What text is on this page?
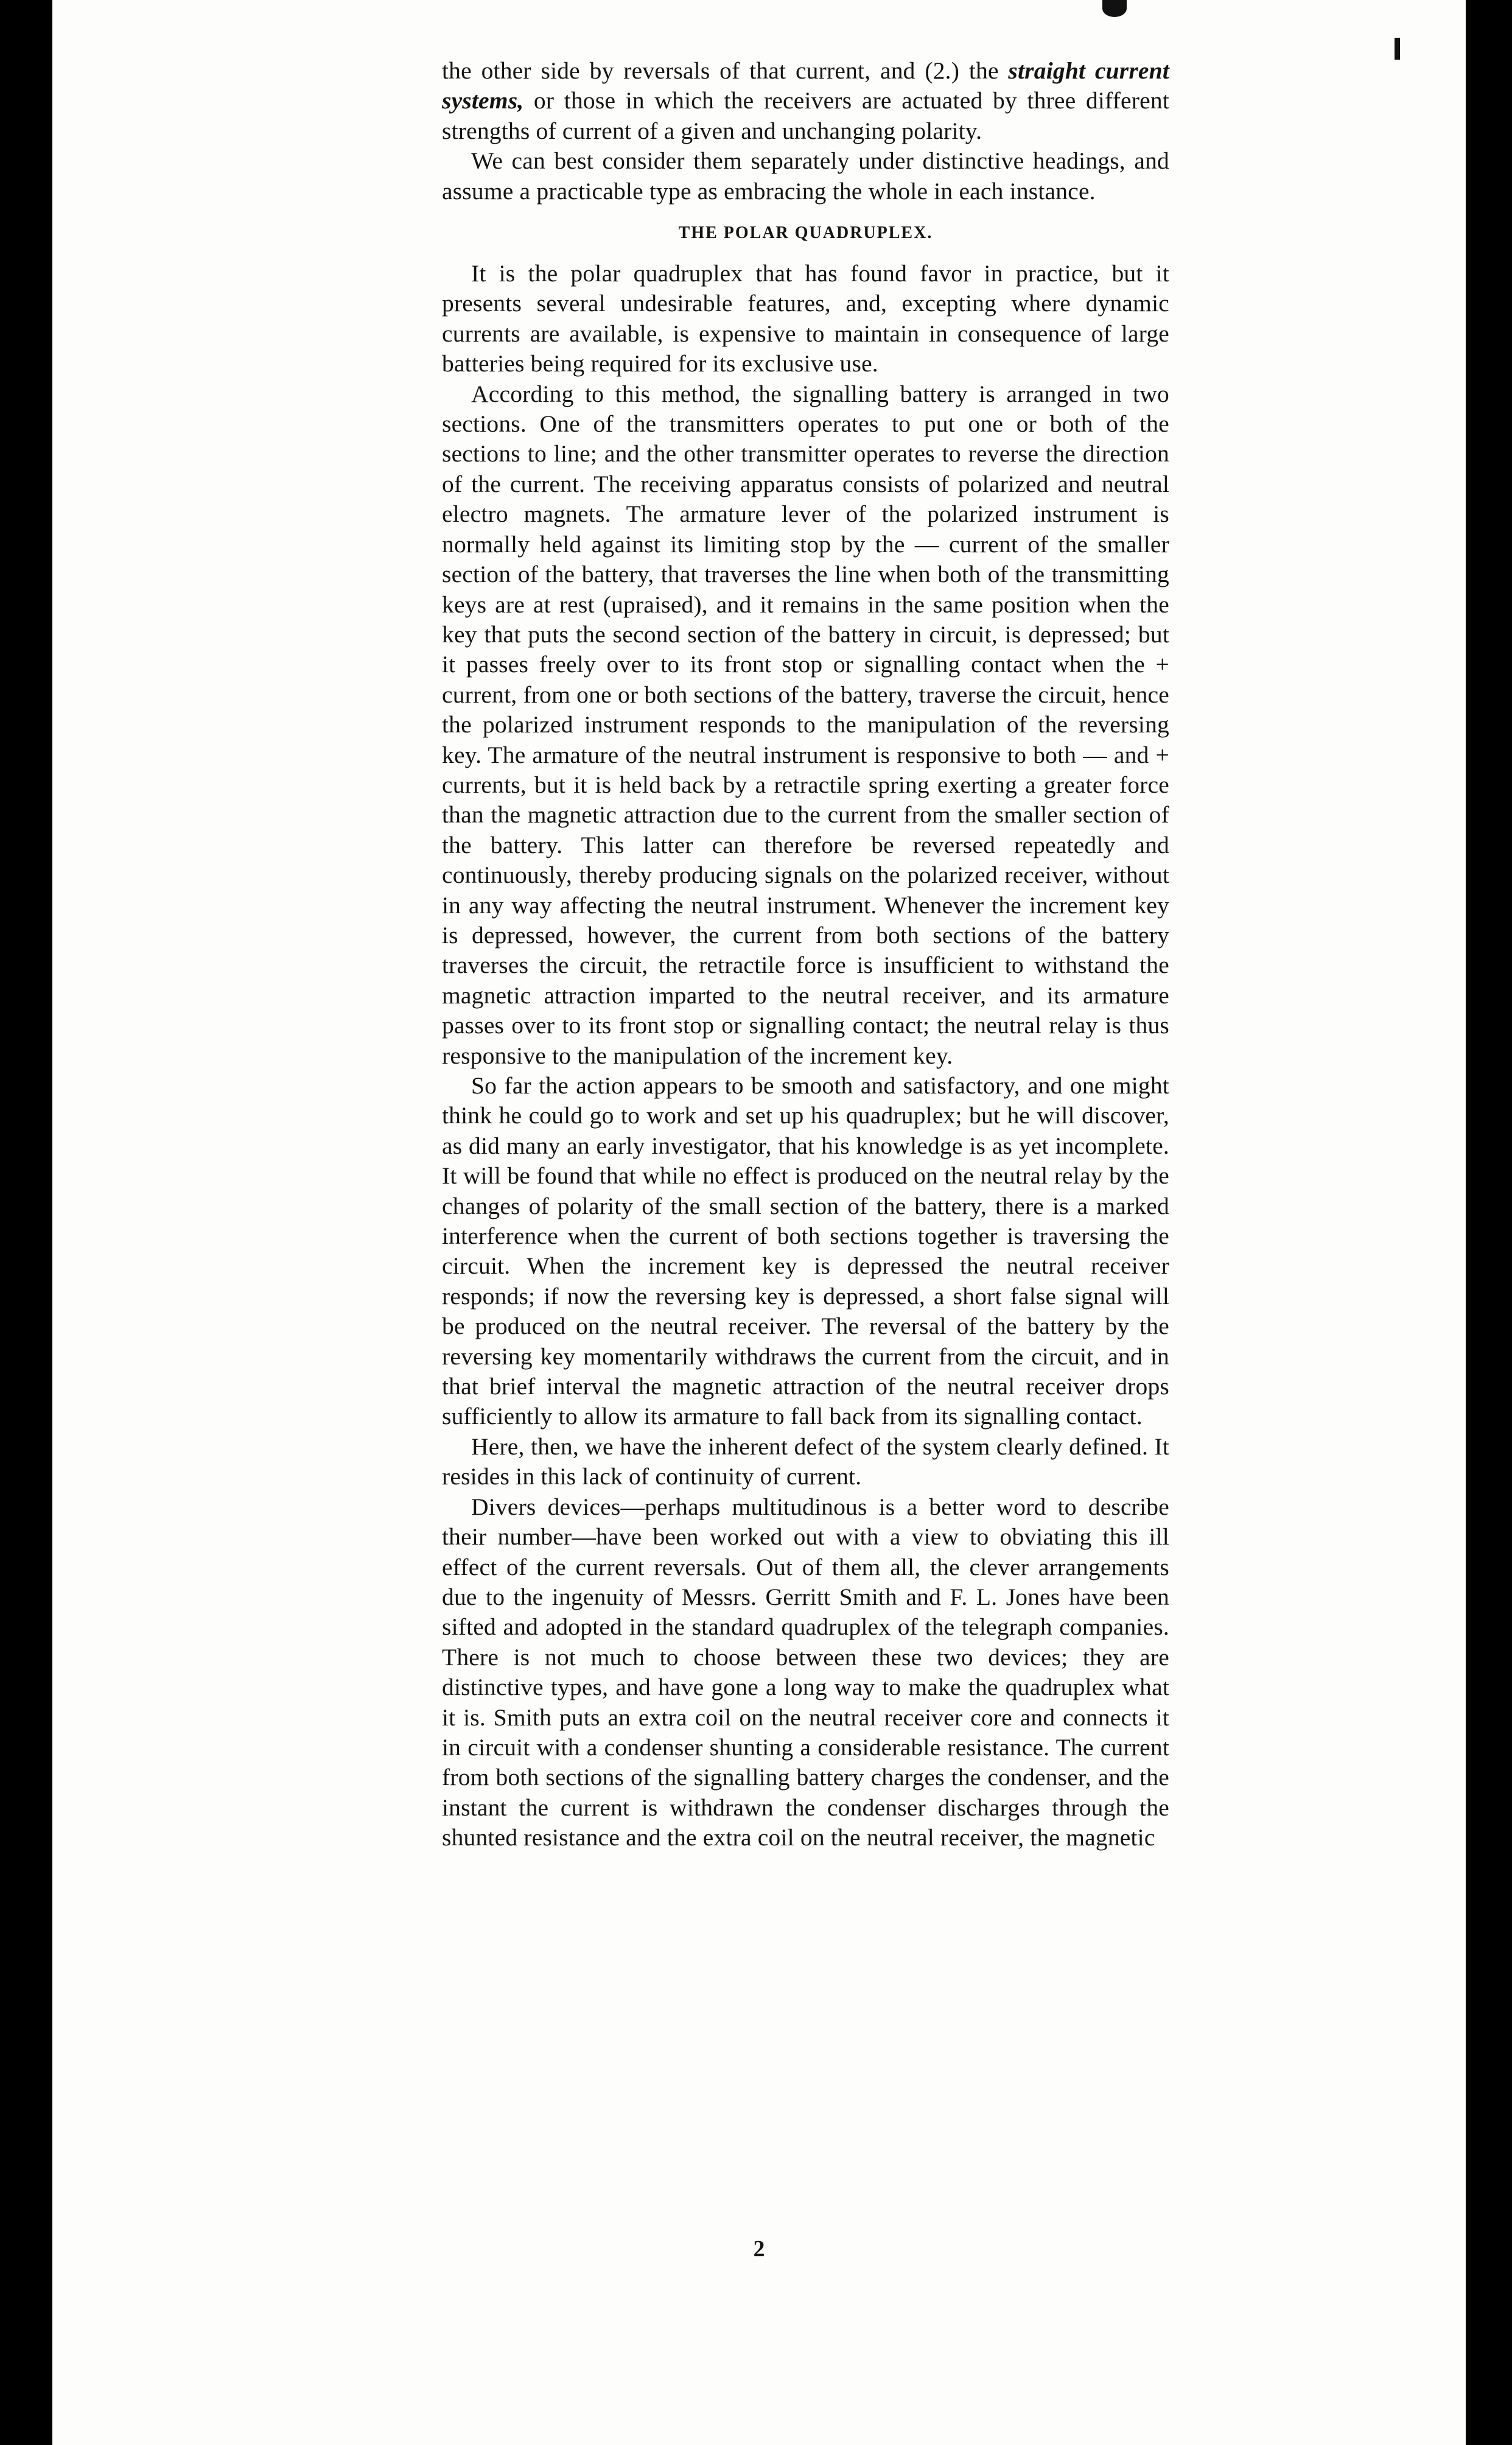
the other side by reversals of that current, and (2.) the straight current systems, or those in which the receivers are actuated by three different strengths of current of a given and unchanging polarity.

We can best consider them separately under distinctive headings, and assume a practicable type as embracing the whole in each instance.

THE POLAR QUADRUPLEX.

It is the polar quadruplex that has found favor in practice, but it presents several undesirable features, and, excepting where dynamic currents are available, is expensive to maintain in consequence of large batteries being required for its exclusive use.

According to this method, the signalling battery is arranged in two sections. One of the transmitters operates to put one or both of the sections to line; and the other transmitter operates to reverse the direction of the current. The receiving apparatus consists of polarized and neutral electro magnets. The armature lever of the polarized instrument is normally held against its limiting stop by the — current of the smaller section of the battery, that traverses the line when both of the transmitting keys are at rest (upraised), and it remains in the same position when the key that puts the second section of the battery in circuit, is depressed; but it passes freely over to its front stop or signalling contact when the + current, from one or both sections of the battery, traverse the circuit, hence the polarized instrument responds to the manipulation of the reversing key. The armature of the neutral instrument is responsive to both — and + currents, but it is held back by a retractile spring exerting a greater force than the magnetic attraction due to the current from the smaller section of the battery. This latter can therefore be reversed repeatedly and continuously, thereby producing signals on the polarized receiver, without in any way affecting the neutral instrument. Whenever the increment key is depressed, however, the current from both sections of the battery traverses the circuit, the retractile force is insufficient to withstand the magnetic attraction imparted to the neutral receiver, and its armature passes over to its front stop or signalling contact; the neutral relay is thus responsive to the manipulation of the increment key.

So far the action appears to be smooth and satisfactory, and one might think he could go to work and set up his quadruplex; but he will discover, as did many an early investigator, that his knowledge is as yet incomplete. It will be found that while no effect is produced on the neutral relay by the changes of polarity of the small section of the battery, there is a marked interference when the current of both sections together is traversing the circuit. When the increment key is depressed the neutral receiver responds; if now the reversing key is depressed, a short false signal will be produced on the neutral receiver. The reversal of the battery by the reversing key momentarily withdraws the current from the circuit, and in that brief interval the magnetic attraction of the neutral receiver drops sufficiently to allow its armature to fall back from its signalling contact.

Here, then, we have the inherent defect of the system clearly defined. It resides in this lack of continuity of current.

Divers devices—perhaps multitudinous is a better word to describe their number—have been worked out with a view to obviating this ill effect of the current reversals. Out of them all, the clever arrangements due to the ingenuity of Messrs. Gerritt Smith and F. L. Jones have been sifted and adopted in the standard quadruplex of the telegraph companies. There is not much to choose between these two devices; they are distinctive types, and have gone a long way to make the quadruplex what it is. Smith puts an extra coil on the neutral receiver core and connects it in circuit with a condenser shunting a considerable resistance. The current from both sections of the signalling battery charges the condenser, and the instant the current is withdrawn the condenser discharges through the shunted resistance and the extra coil on the neutral receiver, the magnetic

2
